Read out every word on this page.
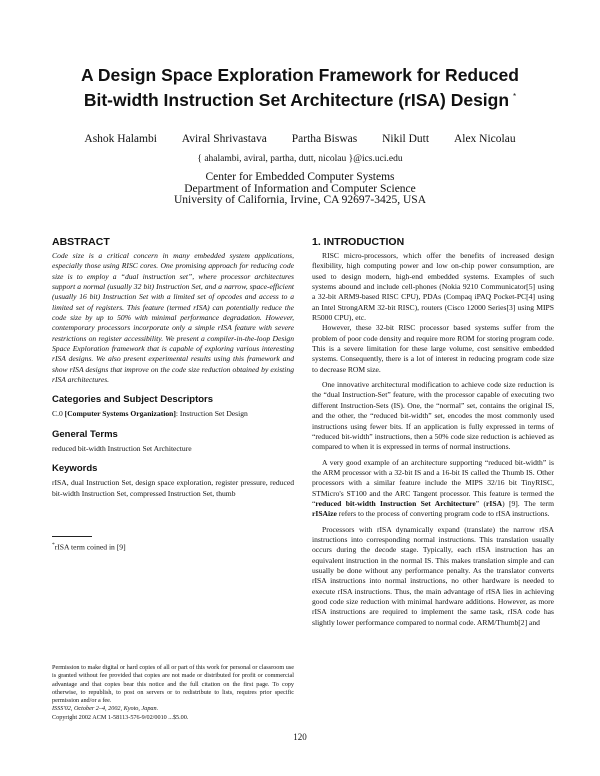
A Design Space Exploration Framework for Reduced
Bit-width Instruction Set Architecture (rISA) Design *
Ashok Halambi Aviral Shrivastava Partha Biswas Nikil Dutt Alex Nicolau
{ ahalambi, aviral, partha, dutt, nicolau }@ics.uci.edu
Center for Embedded Computer Systems
Department of Information and Computer Science
University of California, Irvine, CA 92697-3425, USA
ABSTRACT

Code size is a critical concern in many embedded system applications, especially those using RISC cores. One promising approach for reducing code size is to employ a “dual instruction set”, where processor architectures support a normal (usually 32 bit) Instruction Set, and a narrow, space-efficient (usually 16 bit) Instruction Set with a limited set of opcodes and access to a limited set of registers. This feature (termed rISA) can potentially reduce the code size by up to 50% with minimal performance degradation. However, contemporary processors incorporate only a simple rISA feature with severe restrictions on register accessibility. We present a compiler-in-the-loop Design Space Exploration framework that is capable of exploring various interesting rISA designs. We also present experimental results using this framework and show rISA designs that improve on the code size reduction obtained by existing rISA architectures.

Categories and Subject Descriptors

C.0 [Computer Systems Organization]: Instruction Set Design

General Terms

reduced bit-width Instruction Set Architecture

Keywords

rISA, dual Instruction Set, design space exploration, register pressure, reduced bit-width Instruction Set, compressed Instruction Set, thumb

*rISA term coined in [9]
Permission to make digital or hard copies of all or part of this work for personal or classroom use is granted without fee provided that copies are not made or distributed for profit or commercial advantage and that copies bear this notice and the full citation on the first page. To copy otherwise, to republish, to post on servers or to redistribute to lists, requires prior specific permission and/or a fee.
ISSS'02, October 2–4, 2002, Kyoto, Japan.
Copyright 2002 ACM 1-58113-576-9/02/0010 ...$5.00.
1. INTRODUCTION

RISC micro-processors, which offer the benefits of increased design flexibility, high computing power and low on-chip power consumption, are used to design modern, high-end embedded systems. Examples of such systems abound and include cell-phones (Nokia 9210 Communicator[5] using a 32-bit ARM9-based RISC CPU), PDAs (Compaq iPAQ Pocket-PC[4] using an Intel StrongARM 32-bit RISC), routers (Cisco 12000 Series[3] using MIPS R5000 CPU), etc.

However, these 32-bit RISC processor based systems suffer from the problem of poor code density and require more ROM for storing program code. This is a severe limitation for these large volume, cost sensitive embedded systems. Consequently, there is a lot of interest in reducing program code size to decrease ROM size.

One innovative architectural modification to achieve code size reduction is the “dual Instruction-Set” feature, with the processor capable of executing two different Instruction-Sets (IS). One, the “normal” set, contains the original IS, and the other, the “reduced bit-width” set, encodes the most commonly used instructions using fewer bits. If an application is fully expressed in terms of “reduced bit-width” instructions, then a 50% code size reduction is achieved as compared to when it is expressed in terms of normal instructions.

A very good example of an architecture supporting “reduced bit-width” is the ARM processor with a 32-bit IS and a 16-bit IS called the Thumb IS. Other processors with a similar feature include the MIPS 32/16 bit TinyRISC, STMicro's ST100 and the ARC Tangent processor. This feature is termed the “reduced bit-width Instruction Set Architecture” (rISA) [9]. The term rISAize refers to the process of converting program code to rISA instructions.

Processors with rISA dynamically expand (translate) the narrow rISA instructions into corresponding normal instructions. This translation usually occurs during the decode stage. Typically, each rISA instruction has an equivalent instruction in the normal IS. This makes translation simple and can usually be done without any performance penalty. As the translator converts rISA instructions into normal instructions, no other hardware is needed to execute rISA instructions. Thus, the main advantage of rISA lies in achieving good code size reduction with minimal hardware additions. However, as more rISA instructions are required to implement the same task, rISA code has slightly lower performance compared to normal code. ARM/Thumb[2] and

120
